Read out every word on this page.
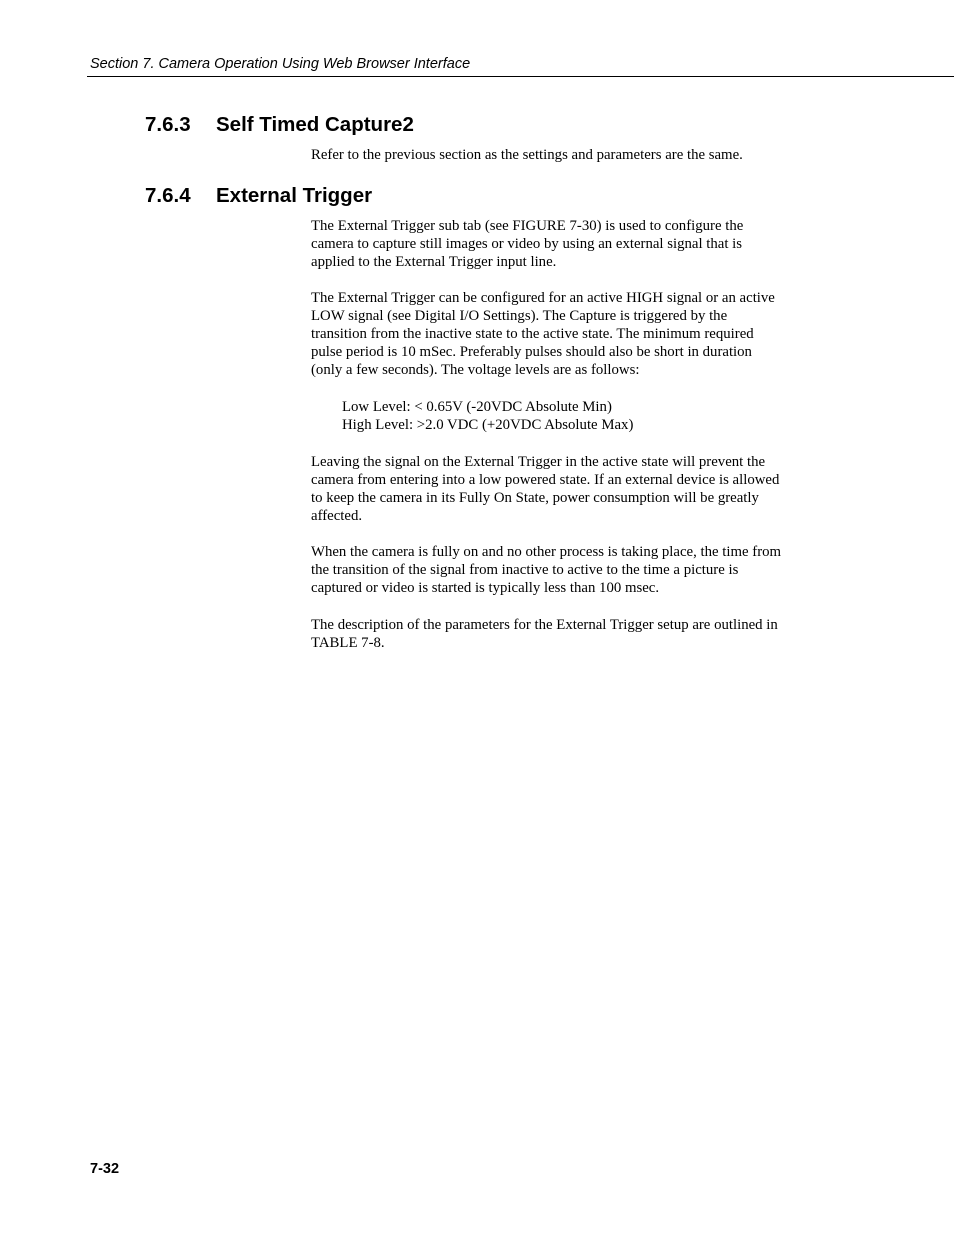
Section 7. Camera Operation Using Web Browser Interface
7.6.3 Self Timed Capture2
Refer to the previous section as the settings and parameters are the same.
7.6.4 External Trigger
The External Trigger sub tab (see FIGURE 7-30) is used to configure the
camera to capture still images or video by using an external signal that is
applied to the External Trigger input line.
The External Trigger can be configured for an active HIGH signal or an active
LOW signal (see Digital I/O Settings). The Capture is triggered by the
transition from the inactive state to the active state. The minimum required
pulse period is 10 mSec. Preferably pulses should also be short in duration
(only a few seconds). The voltage levels are as follows:
Low Level: < 0.65V (-20VDC Absolute Min)
High Level: >2.0 VDC (+20VDC Absolute Max)
Leaving the signal on the External Trigger in the active state will prevent the
camera from entering into a low powered state. If an external device is allowed
to keep the camera in its Fully On State, power consumption will be greatly
affected.
When the camera is fully on and no other process is taking place, the time from
the transition of the signal from inactive to active to the time a picture is
captured or video is started is typically less than 100 msec.
The description of the parameters for the External Trigger setup are outlined in
TABLE 7-8.
7-32
